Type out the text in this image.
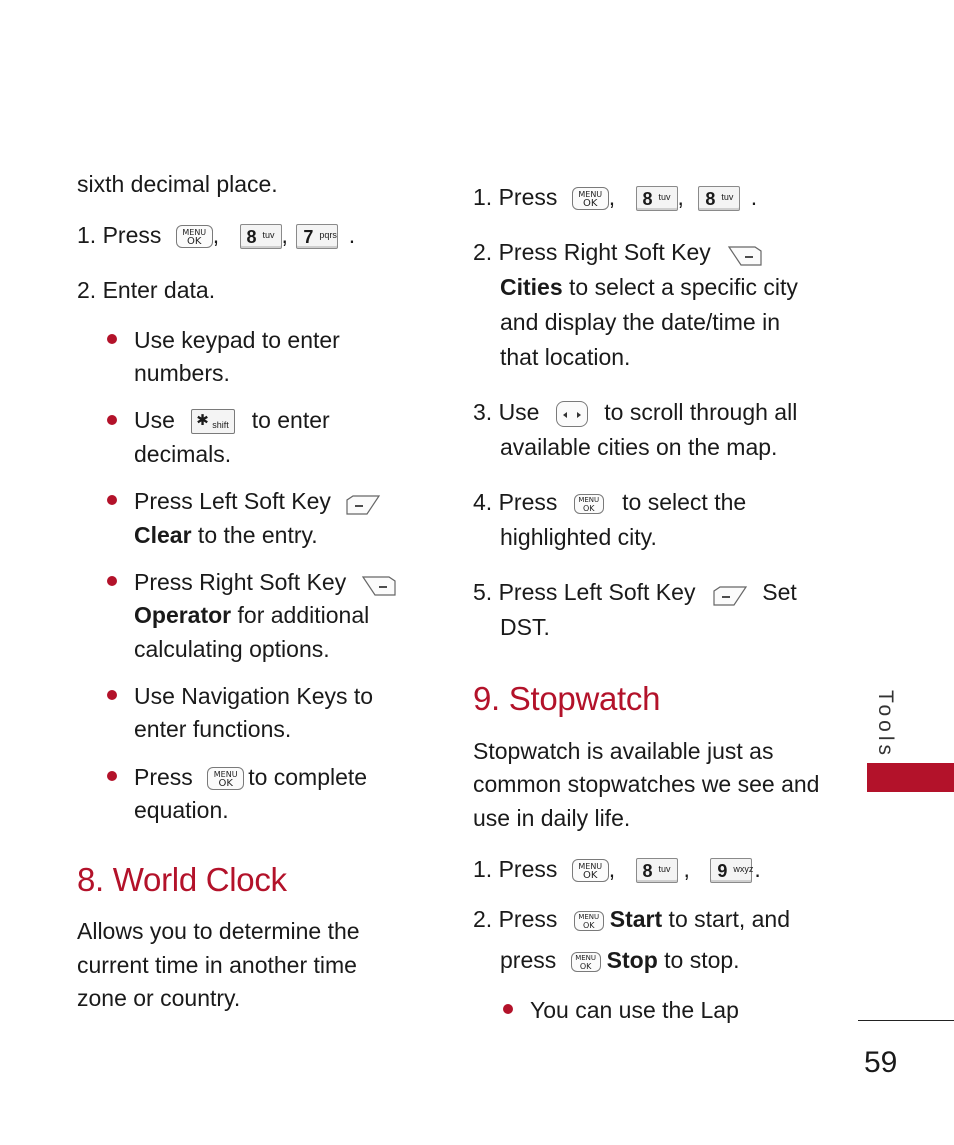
sixth decimal place.
1. Press	MENU
OK , 8 tuv , 7 pqrs .
2. Enter data.
Use keypad to enter
numbers.
Use ✱ shift to enter
decimals.
Press Left Soft Key
Clear to the entry.
Press Right Soft Key
Operator for additional
calculating options.
Use Navigation Keys to
enter functions.
Press	MENU
OK to complete
equation.
8. World Clock
Allows you to determine the
current time in another time
zone or country.
1. Press	MENU
OK , 8 tuv , 8 tuv .
2. Press Right Soft Key
Cities to select a specific city
and display the date/time in
that location.
3. Use	to scroll through all
available cities on the map.
4. Press	MENU
OK	to select the
highlighted city.
5. Press Left Soft Key	Set
DST.
9. Stopwatch
Stopwatch is available just as
common stopwatches we see and
use in daily life.
1. Press	MENU
OK , 8 tuv , 9 wxyz .
2. Press	MENU
OK Start to start, and
press	MENU
OK Stop to stop.
You can use the Lap
Tools
59
